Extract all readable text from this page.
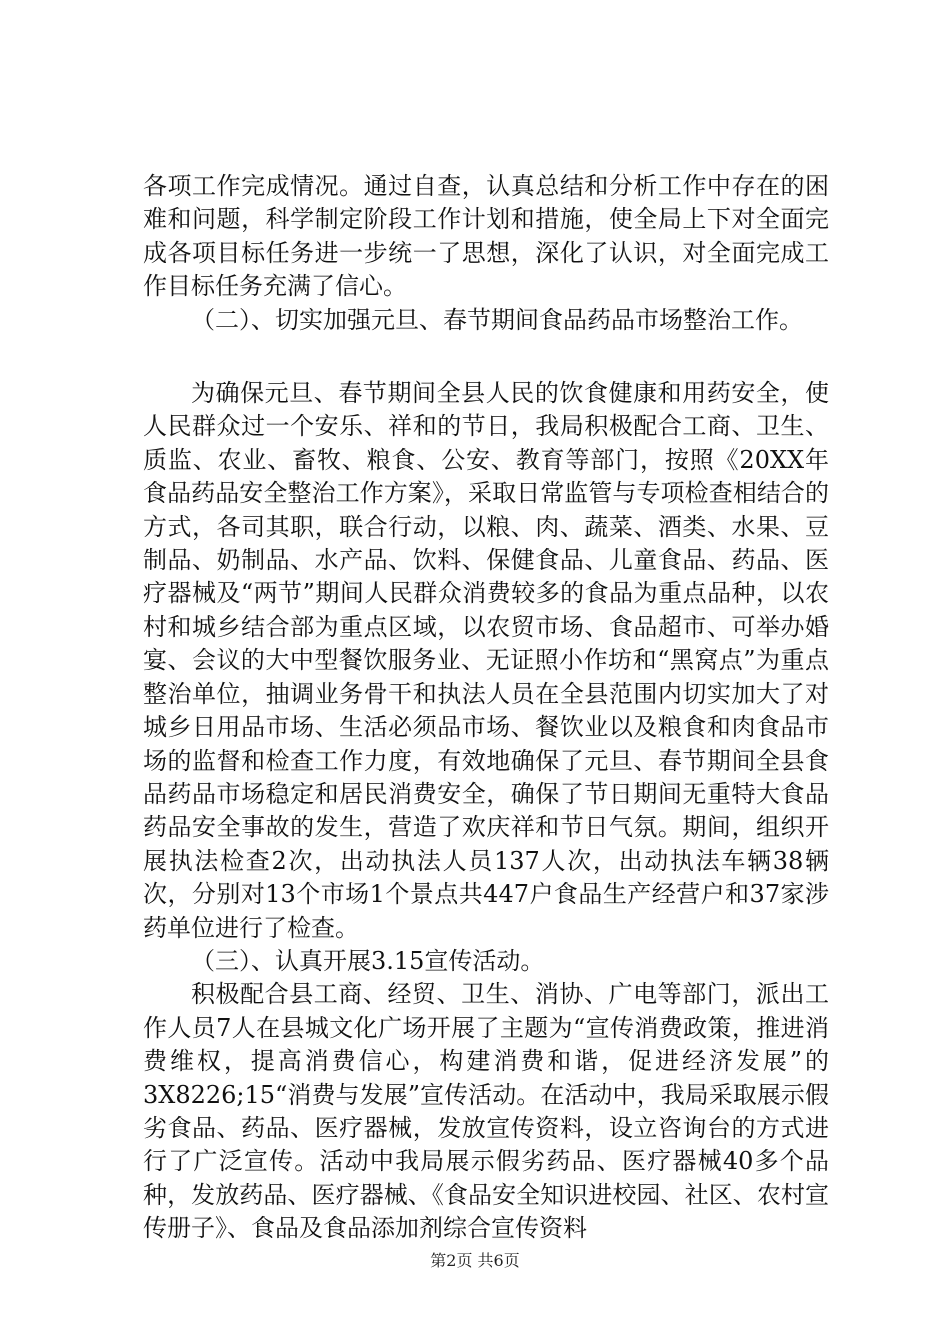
各项工作完成情况。通过自查，认真总结和分析工作中存在的困难和问题，科学制定阶段工作计划和措施，使全局上下对全面完成各项目标任务进一步统一了思想，深化了认识，对全面完成工作目标任务充满了信心。

（二）、切实加强元旦、春节期间食品药品市场整治工作。

为确保元旦、春节期间全县人民的饮食健康和用药安全，使人民群众过一个安乐、祥和的节日，我局积极配合工商、卫生、质监、农业、畜牧、粮食、公安、教育等部门，按照《20XX年食品药品安全整治工作方案》，采取日常监管与专项检查相结合的方式，各司其职，联合行动，以粮、肉、蔬菜、酒类、水果、豆制品、奶制品、水产品、饮料、保健食品、儿童食品、药品、医疗器械及“两节”期间人民群众消费较多的食品为重点品种，以农村和城乡结合部为重点区域，以农贸市场、食品超市、可举办婚宴、会议的大中型餐饮服务业、无证照小作坊和“黑窝点”为重点整治单位，抽调业务骨干和执法人员在全县范围内切实加大了对城乡日用品市场、生活必须品市场、餐饮业以及粮食和肉食品市场的监督和检查工作力度，有效地确保了元旦、春节期间全县食品药品市场稳定和居民消费安全，确保了节日期间无重特大食品药品安全事故的发生，营造了欢庆祥和节日气氛。期间，组织开展执法检查2次，出动执法人员137人次，出动执法车辆38辆次，分别对13个市场1个景点共447户食品生产经营户和37家涉药单位进行了检查。

（三）、认真开展3.15宣传活动。

积极配合县工商、经贸、卫生、消协、广电等部门，派出工作人员7人在县城文化广场开展了主题为“宣传消费政策，推进消费维权，提高消费信心，构建消费和谐，促进经济发展”的3X8226;15“消费与发展”宣传活动。在活动中，我局采取展示假劣食品、药品、医疗器械，发放宣传资料，设立咨询台的方式进行了广泛宣传。活动中我局展示假劣药品、医疗器械40多个品种，发放药品、医疗器械、《食品安全知识进校园、社区、农村宣传册子》、食品及食品添加剂综合宣传资料

第2页 共6页
